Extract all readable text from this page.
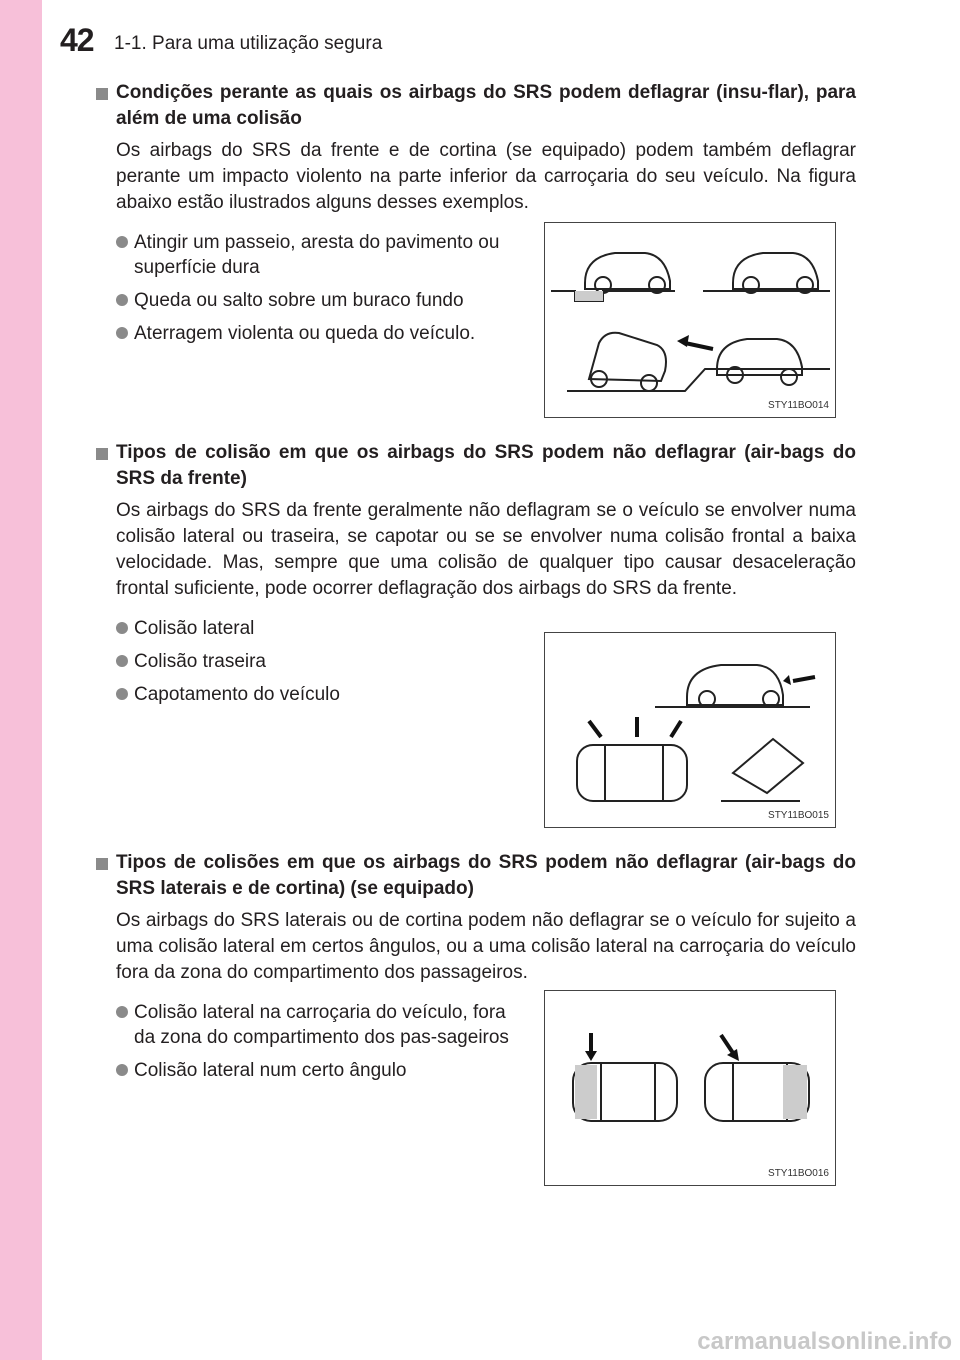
42 1-1. Para uma utilização segura
Condições perante as quais os airbags do SRS podem deflagrar (insu-flar), para além de uma colisão
Os airbags do SRS da frente e de cortina (se equipado) podem também deflagrar perante um impacto violento na parte inferior da carroçaria do seu veículo. Na figura abaixo estão ilustrados alguns desses exemplos.
Atingir um passeio, aresta do pavimento ou superfície dura
Queda ou salto sobre um buraco fundo
Aterragem violenta ou queda do veículo.
STY11BO014
Tipos de colisão em que os airbags do SRS podem não deflagrar (air-bags do SRS da frente)
Os airbags do SRS da frente geralmente não deflagram se o veículo se envolver numa colisão lateral ou traseira, se capotar ou se se envolver numa colisão frontal a baixa velocidade. Mas, sempre que uma colisão de qualquer tipo causar desaceleração frontal suficiente, pode ocorrer deflagração dos airbags do SRS da frente.
Colisão lateral
Colisão traseira
Capotamento do veículo
STY11BO015
Tipos de colisões em que os airbags do SRS podem não deflagrar (air-bags do SRS laterais e de cortina) (se equipado)
Os airbags do SRS laterais ou de cortina podem não deflagrar se o veículo for sujeito a uma colisão lateral em certos ângulos, ou a uma colisão lateral na carroçaria do veículo fora da zona do compartimento dos passageiros.
Colisão lateral na carroçaria do veículo, fora da zona do compartimento dos pas-sageiros
Colisão lateral num certo ângulo
STY11BO016
carmanualsonline.info
